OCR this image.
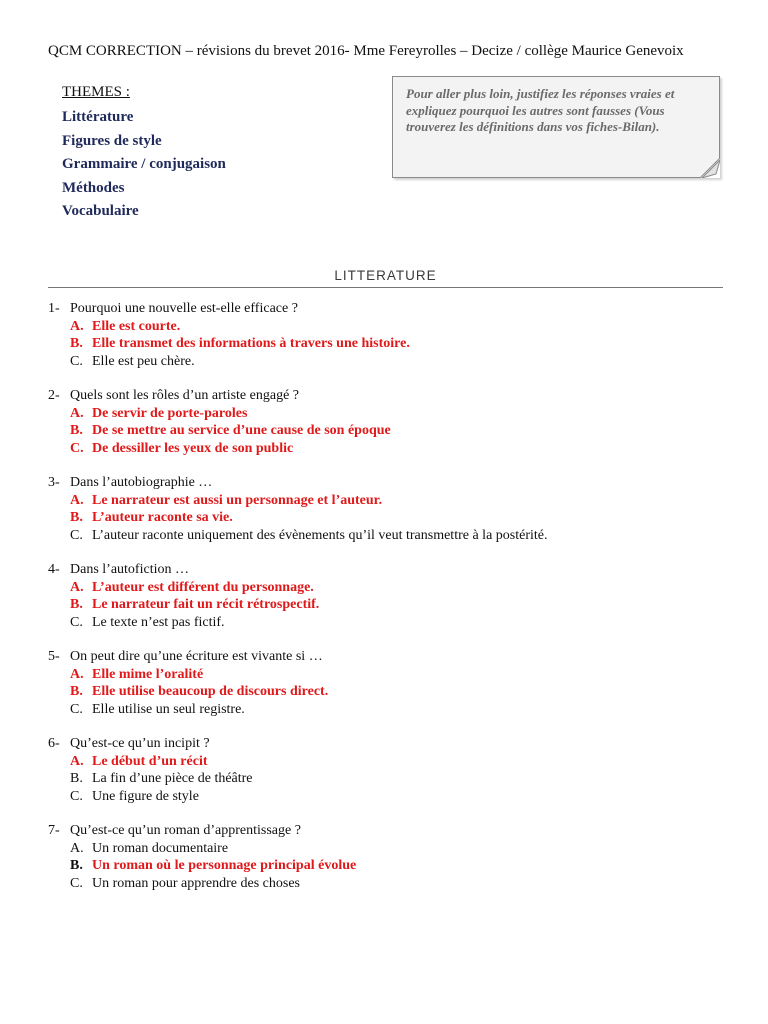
QCM CORRECTION – révisions du brevet 2016- Mme Fereyrolles – Decize / collège Maurice Genevoix
THEMES :
Littérature
Figures de style
Grammaire / conjugaison
Méthodes
Vocabulaire
Pour aller plus loin, justifiez les réponses vraies et expliquez pourquoi les autres sont fausses (Vous trouverez les définitions dans vos fiches-Bilan).
LITTERATURE
1- Pourquoi une nouvelle est-elle efficace ?
A. Elle est courte.
B. Elle transmet des informations à travers une histoire.
C. Elle est peu chère.
2- Quels sont les rôles d’un artiste engagé ?
A. De servir de porte-paroles
B. De se mettre au service d’une cause de son époque
C. De dessiller les yeux de son public
3- Dans l’autobiographie …
A. Le narrateur est aussi un personnage et l’auteur.
B. L’auteur raconte sa vie.
C. L’auteur raconte uniquement des évènements qu’il veut transmettre à la postérité.
4- Dans l’autofiction …
A. L’auteur est différent du personnage.
B. Le narrateur fait un récit rétrospectif.
C. Le texte n’est pas fictif.
5- On peut dire qu’une écriture est vivante si …
A. Elle mime l’oralité
B. Elle utilise beaucoup de discours direct.
C. Elle utilise un seul registre.
6- Qu’est-ce qu’un incipit ?
A. Le début d’un récit
B. La fin d’une pièce de théâtre
C. Une figure de style
7- Qu’est-ce qu’un roman d’apprentissage ?
A. Un roman documentaire
B. Un roman où le personnage principal évolue
C. Un roman pour apprendre des choses
